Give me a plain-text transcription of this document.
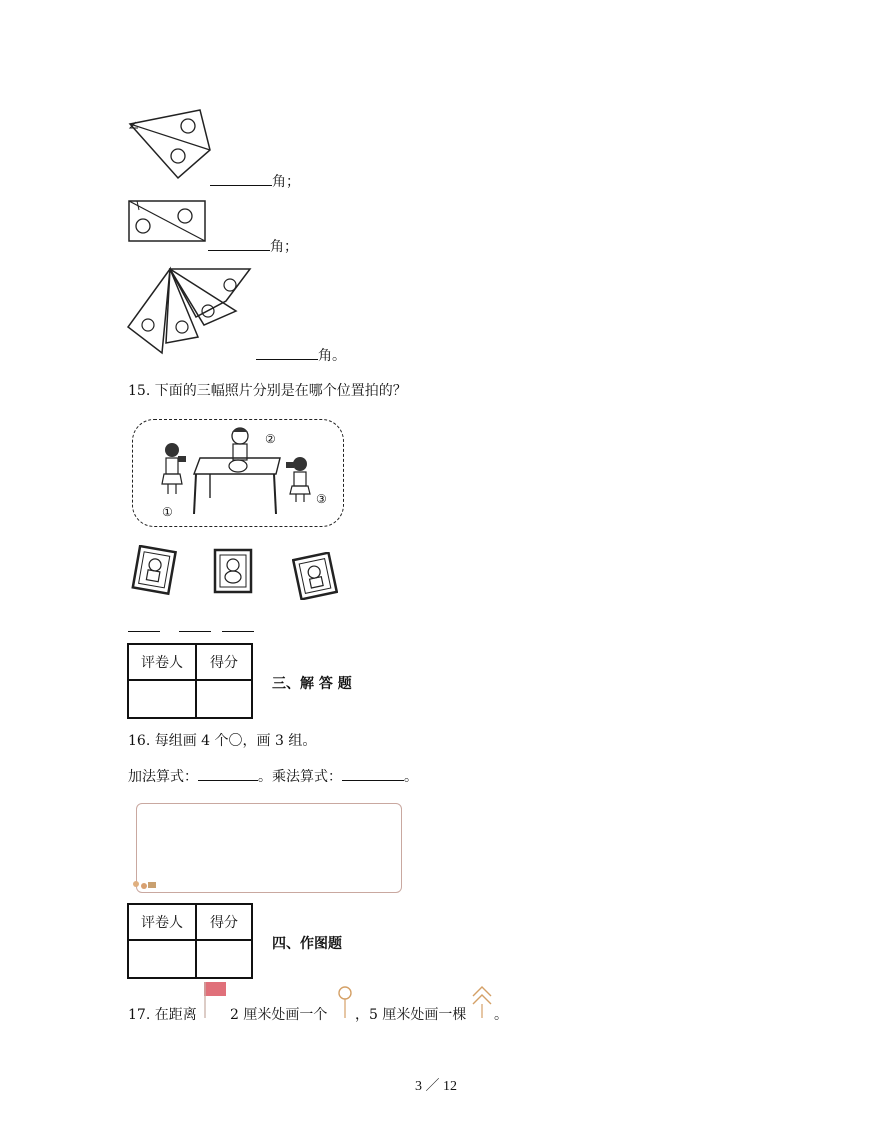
角；
角；
角。
15. 下面的三幅照片分别是在哪个位置拍的？
①
②
③
评卷人	得分

三、解 答 题
16. 每组画 4 个〇，画 3 组。
加法算式：	。乘法算式：	。
评卷人	得分

四、作图题
17. 在距离 2 厘米处画一个 ，5 厘米处画一棵 。
3 ／ 12
